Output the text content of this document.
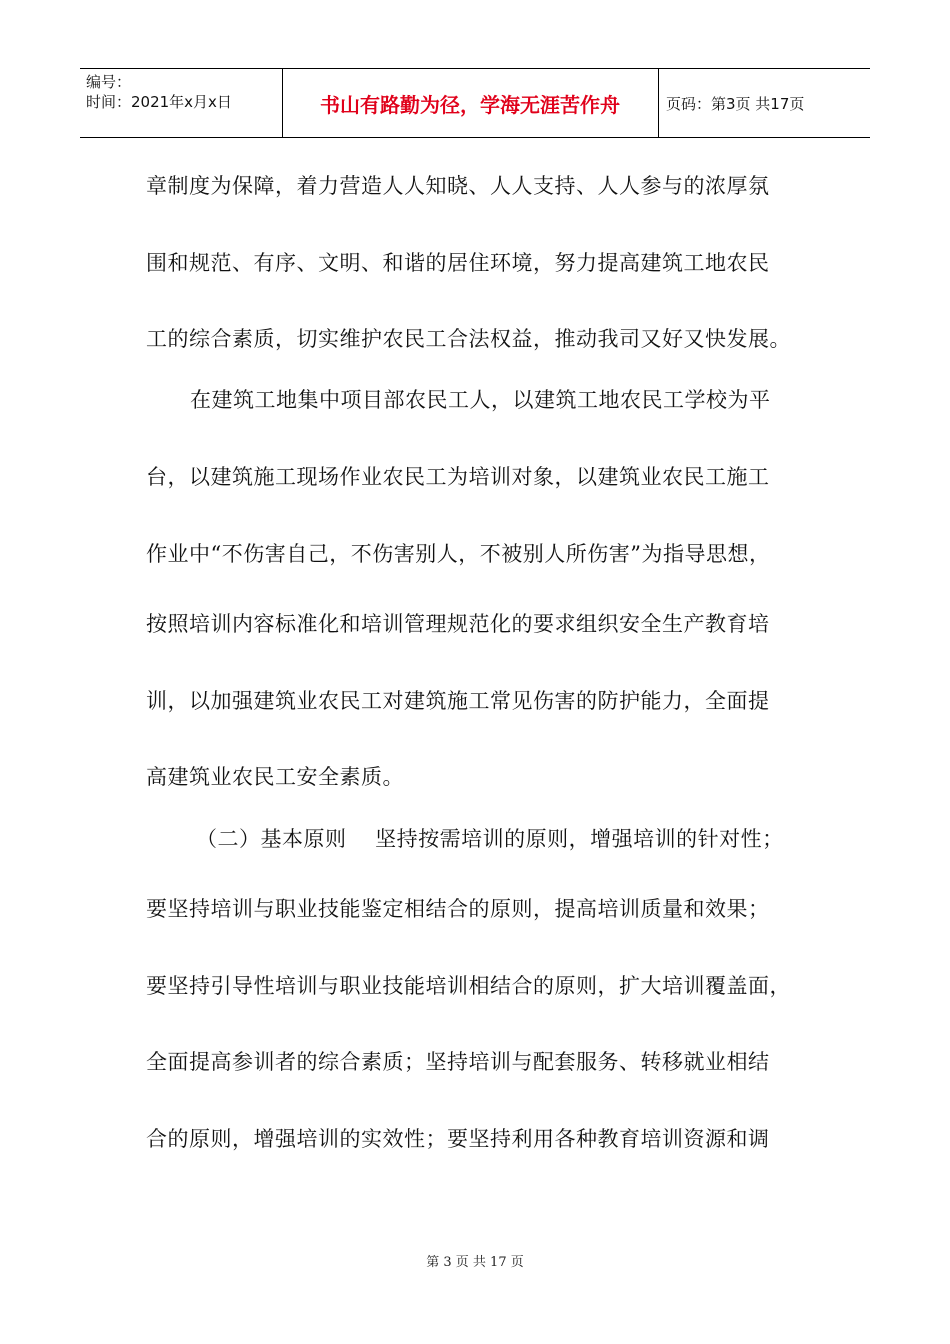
编号：
时间：2021年x月x日	书山有路勤为径，学海无涯苦作舟	页码：第3页 共17页
章制度为保障，着力营造人人知晓、人人支持、人人参与的浓厚氛
围和规范、有序、文明、和谐的居住环境，努力提高建筑工地农民
工的综合素质，切实维护农民工合法权益，推动我司又好又快发展。
在建筑工地集中项目部农民工人，以建筑工地农民工学校为平
台，以建筑施工现场作业农民工为培训对象，以建筑业农民工施工
作业中“不伤害自己，不伤害别人，不被别人所伤害”为指导思想，
按照培训内容标准化和培训管理规范化的要求组织安全生产教育培
训，以加强建筑业农民工对建筑施工常见伤害的防护能力，全面提
高建筑业农民工安全素质。
（二）基本原则　 坚持按需培训的原则，增强培训的针对性；
要坚持培训与职业技能鉴定相结合的原则，提高培训质量和效果；
要坚持引导性培训与职业技能培训相结合的原则，扩大培训覆盖面，
全面提高参训者的综合素质；坚持培训与配套服务、转移就业相结
合的原则，增强培训的实效性；要坚持利用各种教育培训资源和调
第 3 页 共 17 页
